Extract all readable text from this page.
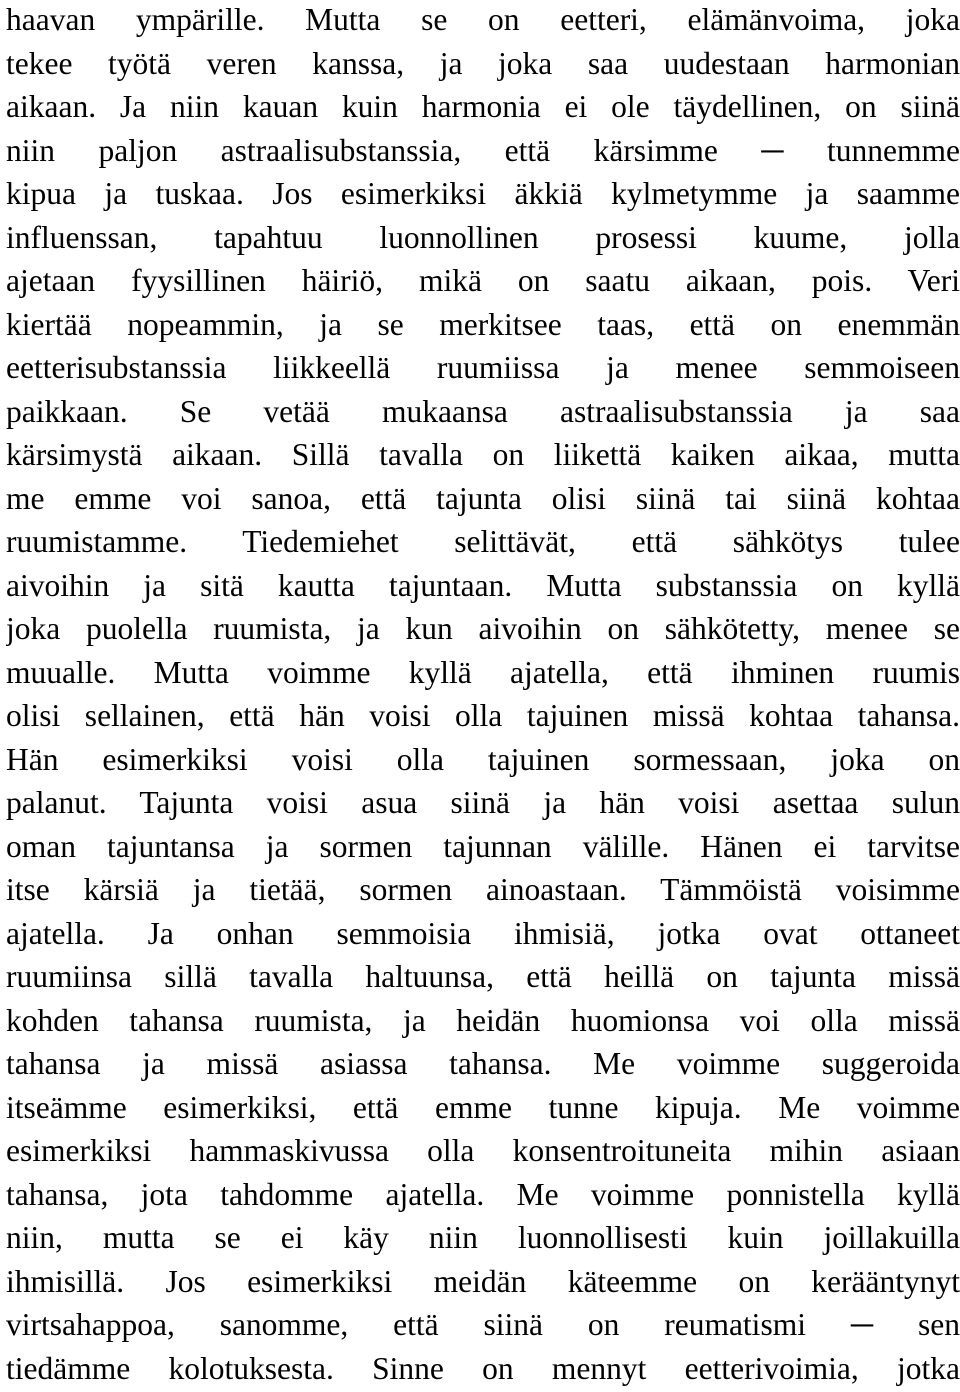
haavan ympärille. Mutta se on eetteri, elämänvoima, joka
tekee työtä veren kanssa, ja joka saa uudestaan harmonian
aikaan. Ja niin kauan kuin harmonia ei ole täydellinen, on siinä
niin paljon astraalisubstanssia, että kärsimme ─ tunnemme
kipua ja tuskaa. Jos esimerkiksi äkkiä kylmetymme ja saamme
influenssan, tapahtuu luonnollinen prosessi kuume, jolla
ajetaan fyysillinen häiriö, mikä on saatu aikaan, pois. Veri
kiertää nopeammin, ja se merkitsee taas, että on enemmän
eetterisubstanssia liikkeellä ruumiissa ja menee semmoiseen
paikkaan. Se vetää mukaansa astraalisubstanssia ja saa
kärsimystä aikaan. Sillä tavalla on liikettä kaiken aikaa, mutta
me emme voi sanoa, että tajunta olisi siinä tai siinä kohtaa
ruumistamme. Tiedemiehet selittävät, että sähkötys tulee
aivoihin ja sitä kautta tajuntaan. Mutta substanssia on kyllä
joka puolella ruumista, ja kun aivoihin on sähkötetty, menee se
muualle. Mutta voimme kyllä ajatella, että ihminen ruumis
olisi sellainen, että hän voisi olla tajuinen missä kohtaa tahansa.
Hän esimerkiksi voisi olla tajuinen sormessaan, joka on
palanut. Tajunta voisi asua siinä ja hän voisi asettaa sulun
oman tajuntansa ja sormen tajunnan välille. Hänen ei tarvitse
itse kärsiä ja tietää, sormen ainoastaan. Tämmöistä voisimme
ajatella. Ja onhan semmoisia ihmisiä, jotka ovat ottaneet
ruumiinsa sillä tavalla haltuunsa, että heillä on tajunta missä
kohden tahansa ruumista, ja heidän huomionsa voi olla missä
tahansa ja missä asiassa tahansa. Me voimme suggeroida
itseämme esimerkiksi, että emme tunne kipuja. Me voimme
esimerkiksi hammaskivussa olla konsentroituneita mihin asiaan
tahansa, jota tahdomme ajatella. Me voimme ponnistella kyllä
niin, mutta se ei käy niin luonnollisesti kuin joillakuilla
ihmisillä. Jos esimerkiksi meidän käteemme on kerääntynyt
virtsahappoa, sanomme, että siinä on reumatismi ─ sen
tiedämme kolotuksesta. Sinne on mennyt eetterivoimia, jotka
